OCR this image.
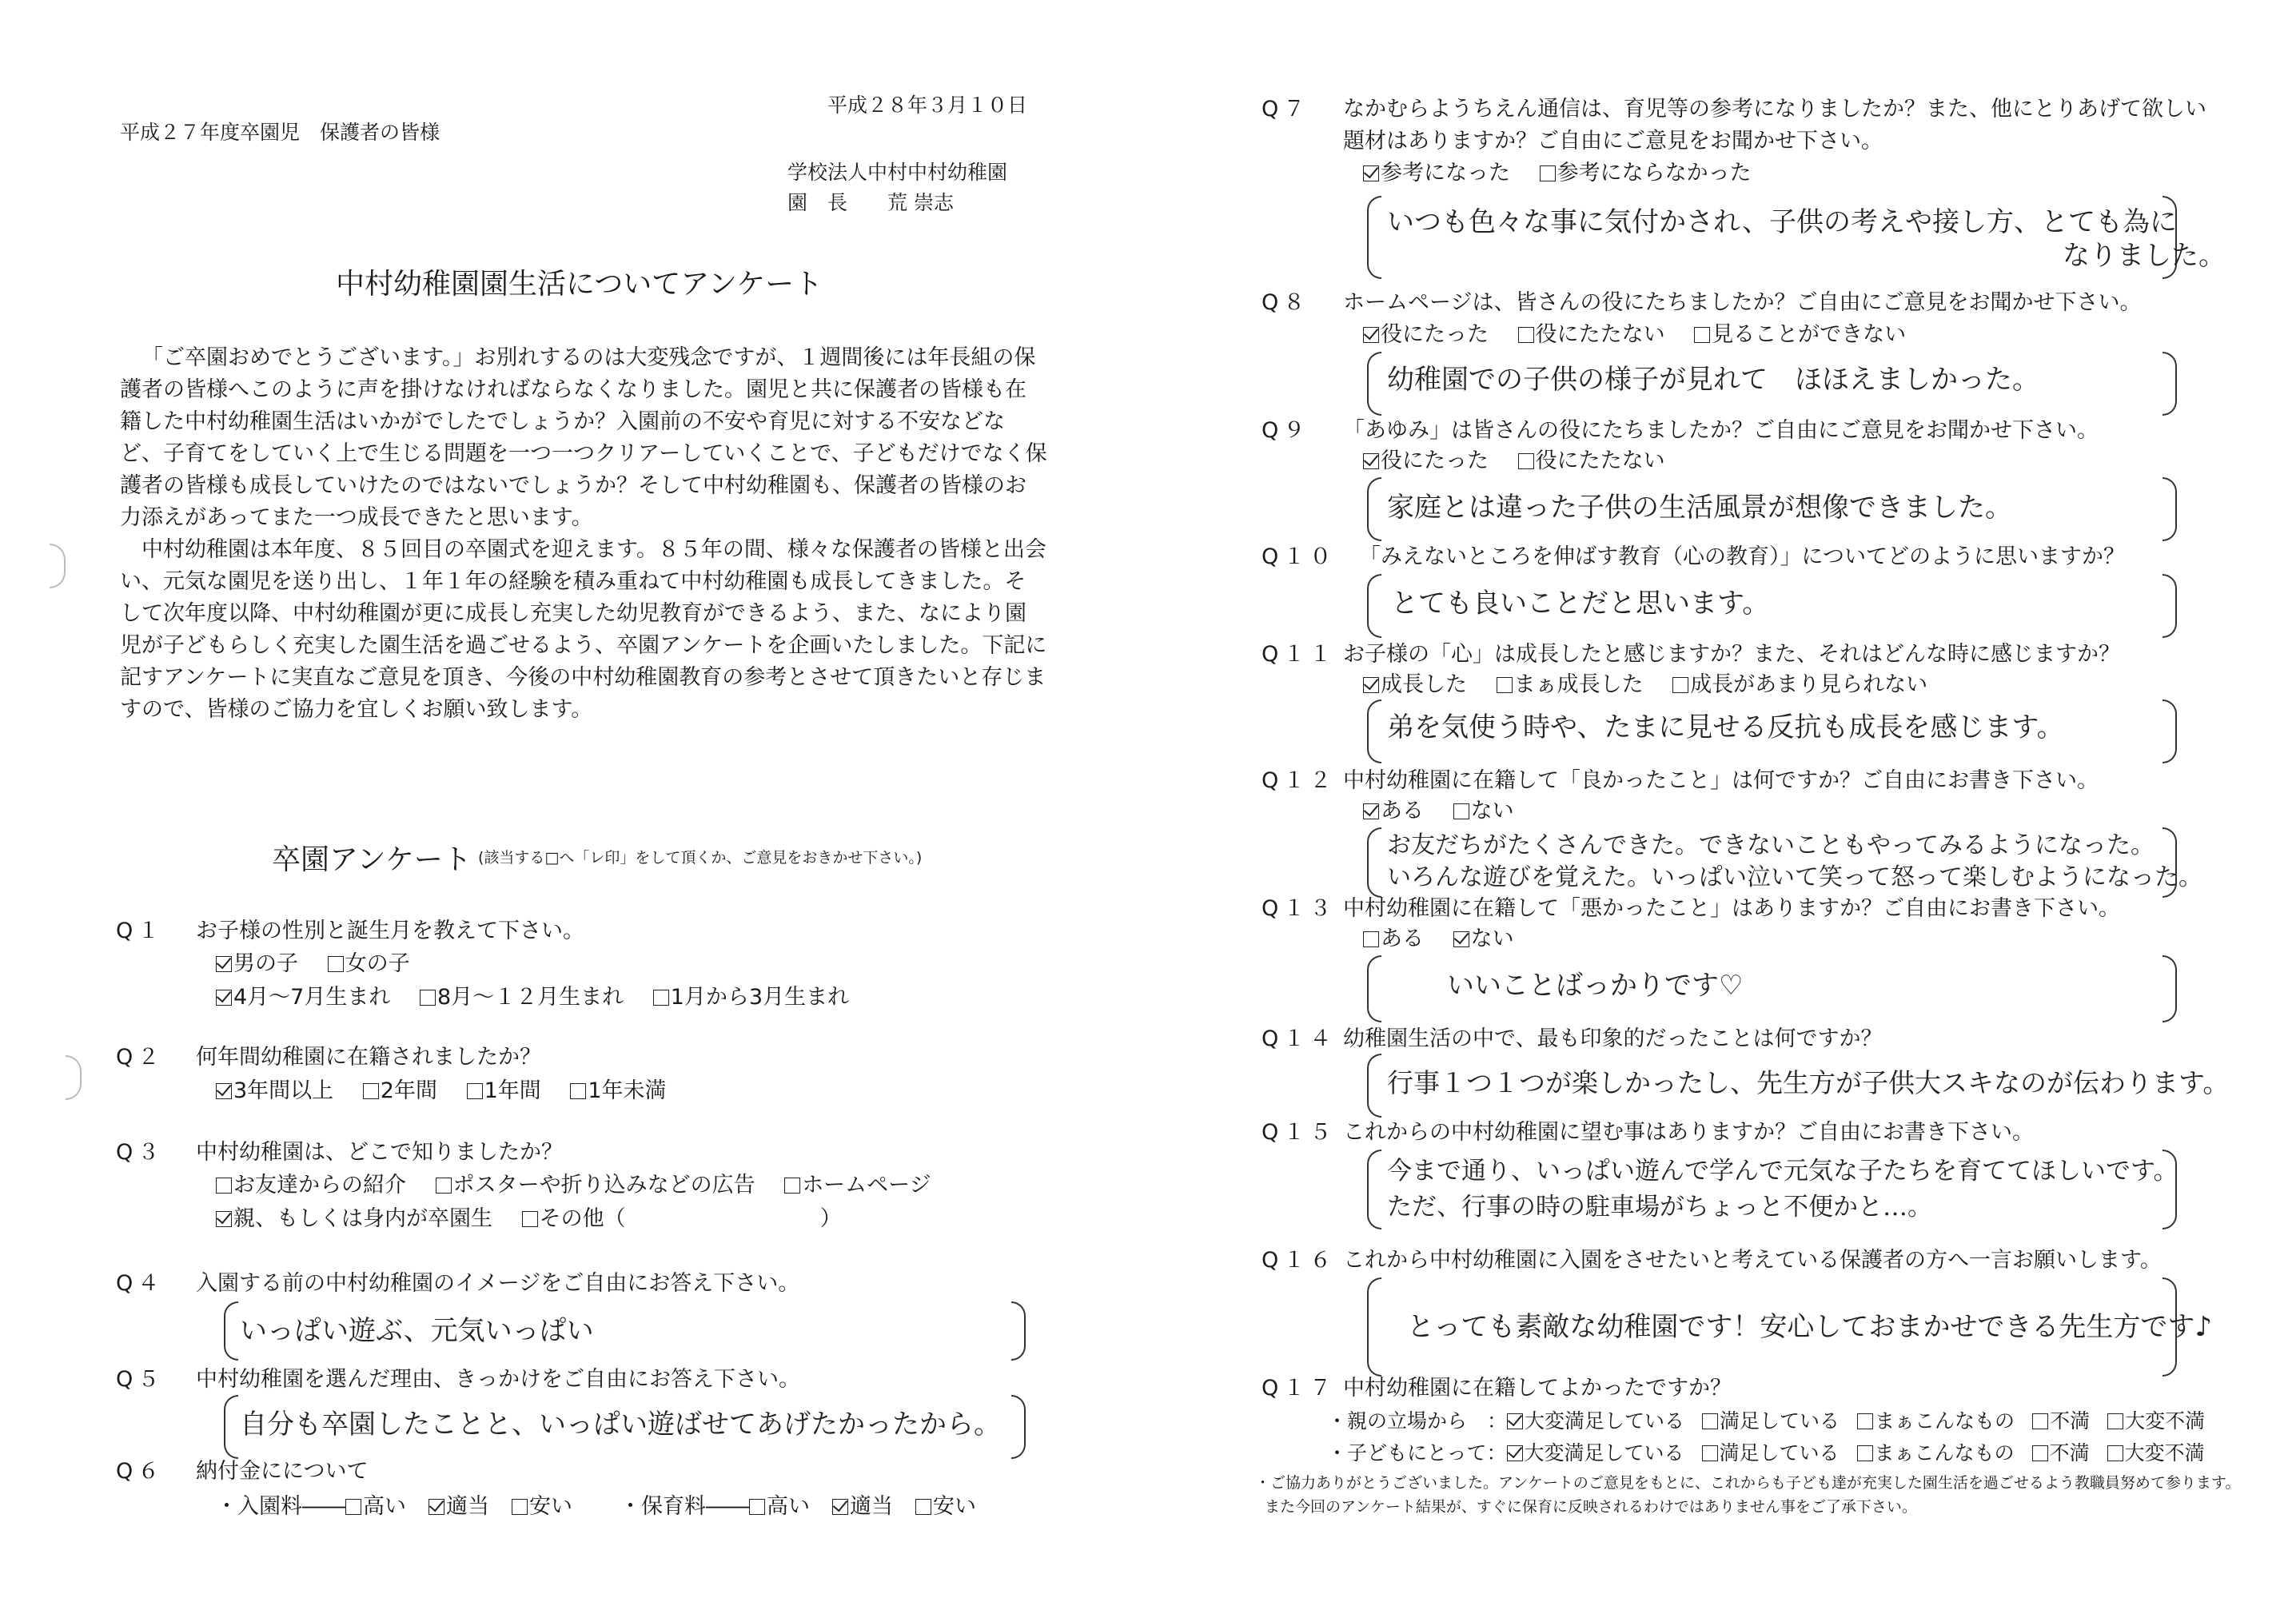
平成２７年度卒園児　保護者の皆様
平成２８年３月１０日
学校法人中村中村幼稚園
園　長　　荒 崇志
中村幼稚園園生活についてアンケート

「ご卒園おめでとうございます。」お別れするのは大変残念ですが、１週間後には年長組の保護者の皆様へこのように声を掛けなければならなくなりました。園児と共に保護者の皆様も在籍した中村幼稚園生活はいかがでしたでしょうか？入園前の不安や育児に対する不安などなど、子育てをしていく上で生じる問題を一つ一つクリアーしていくことで、子どもだけでなく保護者の皆様も成長していけたのではないでしょうか？そして中村幼稚園も、保護者の皆様のお力添えがあってまた一つ成長できたと思います。

中村幼稚園は本年度、８５回目の卒園式を迎えます。８５年の間、様々な保護者の皆様と出会い、元気な園児を送り出し、１年１年の経験を積み重ねて中村幼稚園も成長してきました。そして次年度以降、中村幼稚園が更に成長し充実した幼児教育ができるよう、また、なにより園児が子どもらしく充実した園生活を過ごせるよう、卒園アンケートを企画いたしました。下記に記すアンケートに実直なご意見を頂き、今後の中村幼稚園教育の参考とさせて頂きたいと存じますので、皆様のご協力を宜しくお願い致します。

卒園アンケート (該当する□へ「レ印」をして頂くか、ご意見をおきかせ下さい。)
Q１ お子様の性別と誕生月を教えて下さい。
男の子 女の子
4月～7月生まれ 8月～１２月生まれ 1月から3月生まれ
Q２ 何年間幼稚園に在籍されましたか？
3年間以上 2年間 1年間 1年未満
Q３ 中村幼稚園は、どこで知りましたか？
お友達からの紹介 ポスターや折り込みなどの広告 ホームページ
親、もしくは身内が卒園生 その他（　　　　　　　　　）
Q４ 入園する前の中村幼稚園のイメージをご自由にお答え下さい。
いっぱい遊ぶ、元気いっぱい
Q５ 中村幼稚園を選んだ理由、きっかけをご自由にお答え下さい。
自分も卒園したことと、いっぱい遊ばせてあげたかったから。
Q６ 納付金にについて
・入園料―― 高い 適当 安い	・保育料―― 高い 適当 安い
Q７ なかむらようちえん通信は、育児等の参考になりましたか？また、他にとりあげて欲しい
題材はありますか？ご自由にご意見をお聞かせ下さい。
参考になった 参考にならなかった
いつも色々な事に気付かされ、子供の考えや接し方、とても為に
なりました。
Q８ ホームページは、皆さんの役にたちましたか？ご自由にご意見をお聞かせ下さい。
役にたった 役にたたない 見ることができない
幼稚園での子供の様子が見れて　ほほえましかった。
Q９ 「あゆみ」は皆さんの役にたちましたか？ご自由にご意見をお聞かせ下さい。
役にたった 役にたたない
家庭とは違った子供の生活風景が想像できました。
Q１０ 「みえないところを伸ばす教育（心の教育）」についてどのように思いますか？
とても良いことだと思います。
Q１１ お子様の「心」は成長したと感じますか？また、それはどんな時に感じますか？
成長した まぁ成長した 成長があまり見られない
弟を気使う時や、たまに見せる反抗も成長を感じます。
Q１２ 中村幼稚園に在籍して「良かったこと」は何ですか？ご自由にお書き下さい。
ある ない
お友だちがたくさんできた。できないこともやってみるようになった。
いろんな遊びを覚えた。いっぱい泣いて笑って怒って楽しむようになった。
Q１３ 中村幼稚園に在籍して「悪かったこと」はありますか？ご自由にお書き下さい。
ある ない
いいことばっかりです♡
Q１４ 幼稚園生活の中で、最も印象的だったことは何ですか？
行事１つ１つが楽しかったし、先生方が子供大スキなのが伝わります。
Q１５ これからの中村幼稚園に望む事はありますか？ご自由にお書き下さい。
今まで通り、いっぱい遊んで学んで元気な子たちを育ててほしいです。
ただ、行事の時の駐車場がちょっと不便かと…。
Q１６ これから中村幼稚園に入園をさせたいと考えている保護者の方へ一言お願いします。
とっても素敵な幼稚園です！安心しておまかせできる先生方です♪
Q１７ 中村幼稚園に在籍してよかったですか？
・親の立場から　： 大変満足している 満足している まぁこんなもの 不満 大変不満
・子どもにとって： 大変満足している 満足している まぁこんなもの 不満 大変不満
・ご協力ありがとうございました。アンケートのご意見をもとに、これからも子ども達が充実した園生活を過ごせるよう教職員努めて参ります。
また今回のアンケート結果が、すぐに保育に反映されるわけではありません事をご了承下さい。
